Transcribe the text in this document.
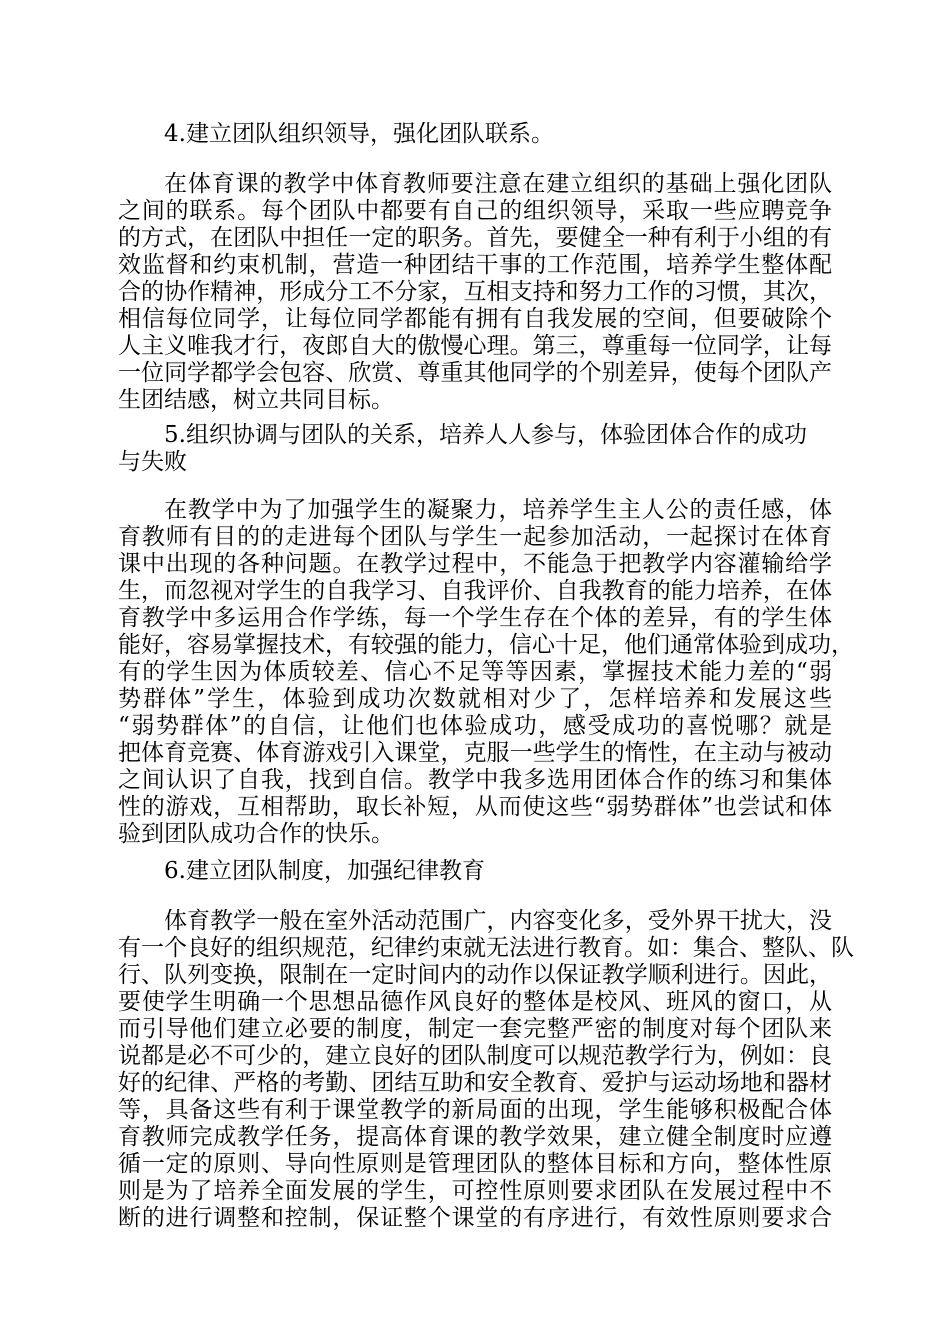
4.建立团队组织领导，强化团队联系。
在体育课的教学中体育教师要注意在建立组织的基础上强化团队
之间的联系。每个团队中都要有自己的组织领导，采取一些应聘竞争
的方式，在团队中担任一定的职务。首先，要健全一种有利于小组的有
效监督和约束机制，营造一种团结干事的工作范围，培养学生整体配
合的协作精神，形成分工不分家，互相支持和努力工作的习惯，其次，
相信每位同学，让每位同学都能有拥有自我发展的空间，但要破除个
人主义唯我才行，夜郎自大的傲慢心理。第三，尊重每一位同学，让每
一位同学都学会包容、欣赏、尊重其他同学的个别差异，使每个团队产
生团结感，树立共同目标。
5.组织协调与团队的关系，培养人人参与，体验团体合作的成功
与失败
在教学中为了加强学生的凝聚力，培养学生主人公的责任感，体
育教师有目的的走进每个团队与学生一起参加活动，一起探讨在体育
课中出现的各种问题。在教学过程中，不能急于把教学内容灌输给学
生，而忽视对学生的自我学习、自我评价、自我教育的能力培养，在体
育教学中多运用合作学练，每一个学生存在个体的差异，有的学生体
能好，容易掌握技术，有较强的能力，信心十足，他们通常体验到成功，
有的学生因为体质较差、信心不足等等因素，掌握技术能力差的“弱
势群体”学生，体验到成功次数就相对少了，怎样培养和发展这些
“弱势群体”的自信，让他们也体验成功，感受成功的喜悦哪？就是
把体育竞赛、体育游戏引入课堂，克服一些学生的惰性，在主动与被动
之间认识了自我，找到自信。教学中我多选用团体合作的练习和集体
性的游戏，互相帮助，取长补短，从而使这些“弱势群体”也尝试和体
验到团队成功合作的快乐。
6.建立团队制度，加强纪律教育
体育教学一般在室外活动范围广，内容变化多，受外界干扰大，没
有一个良好的组织规范，纪律约束就无法进行教育。如：集合、整队、队
行、队列变换，限制在一定时间内的动作以保证教学顺利进行。因此，
要使学生明确一个思想品德作风良好的整体是校风、班风的窗口，从
而引导他们建立必要的制度，制定一套完整严密的制度对每个团队来
说都是必不可少的，建立良好的团队制度可以规范教学行为，例如：良
好的纪律、严格的考勤、团结互助和安全教育、爱护与运动场地和器材
等，具备这些有利于课堂教学的新局面的出现，学生能够积极配合体
育教师完成教学任务，提高体育课的教学效果，建立健全制度时应遵
循一定的原则、导向性原则是管理团队的整体目标和方向，整体性原
则是为了培养全面发展的学生，可控性原则要求团队在发展过程中不
断的进行调整和控制，保证整个课堂的有序进行，有效性原则要求合
